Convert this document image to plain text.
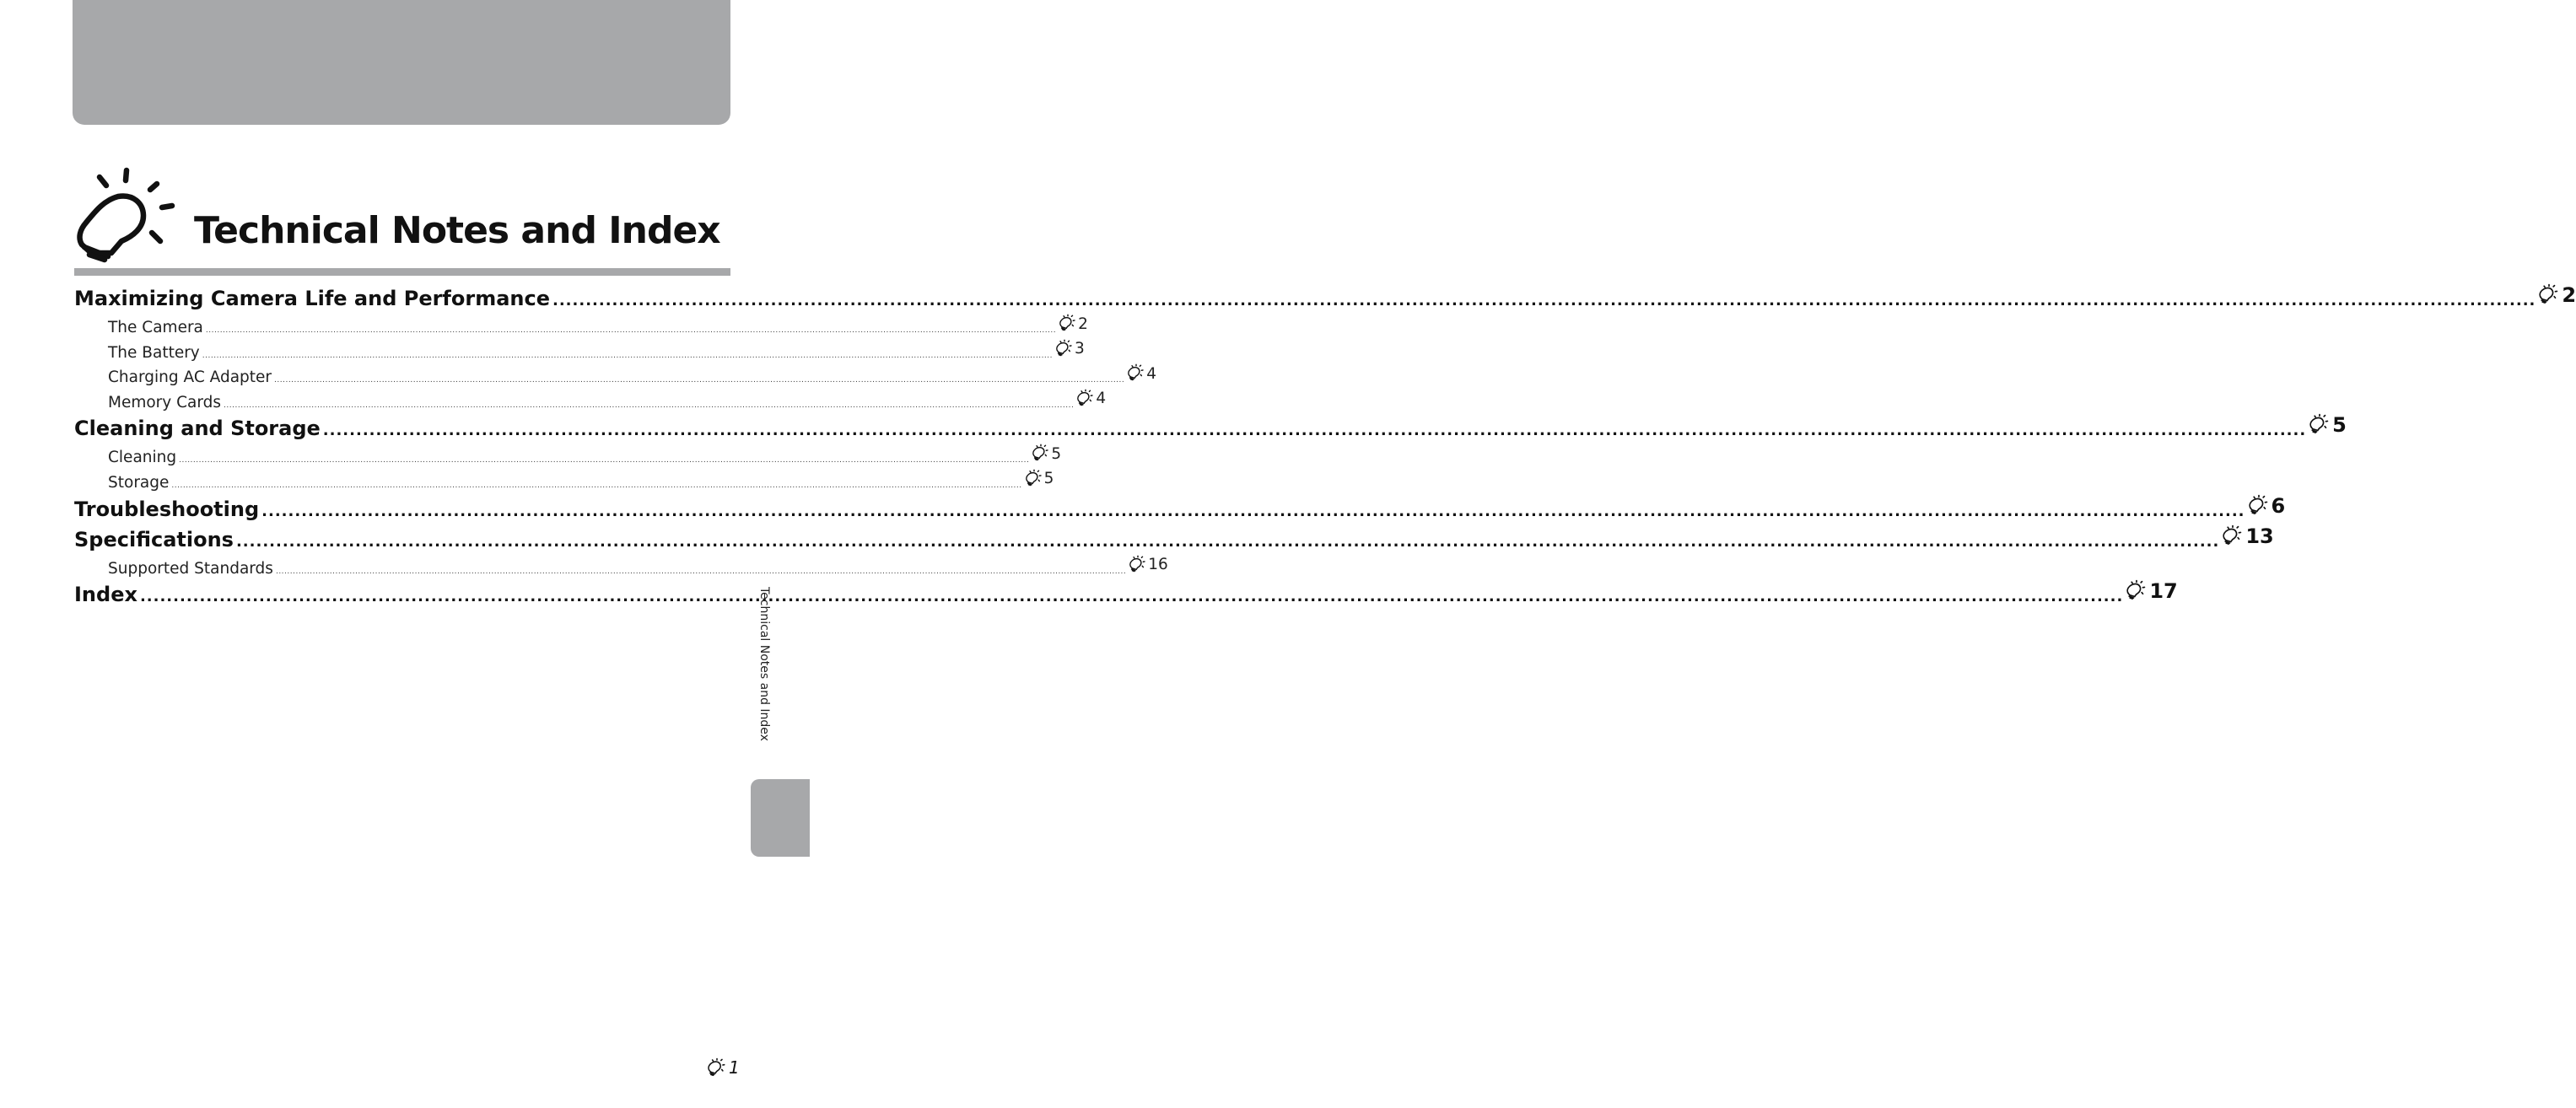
Technical Notes and Index
Maximizing Camera Life and Performance ............................................................................................................................................................................................................................................................................................................ 2
The Camera ............................................................................................................................................................................................................................................................................................................ 2
The Battery ............................................................................................................................................................................................................................................................................................................ 3
Charging AC Adapter ............................................................................................................................................................................................................................................................................................................ 4
Memory Cards ............................................................................................................................................................................................................................................................................................................ 4
Cleaning and Storage ............................................................................................................................................................................................................................................................................................................ 5
Cleaning ............................................................................................................................................................................................................................................................................................................ 5
Storage ............................................................................................................................................................................................................................................................................................................ 5
Troubleshooting ............................................................................................................................................................................................................................................................................................................ 6
Specifications ............................................................................................................................................................................................................................................................................................................ 13
Supported Standards ............................................................................................................................................................................................................................................................................................................ 16
Index ............................................................................................................................................................................................................................................................................................................ 17
Technical Notes and Index
1
